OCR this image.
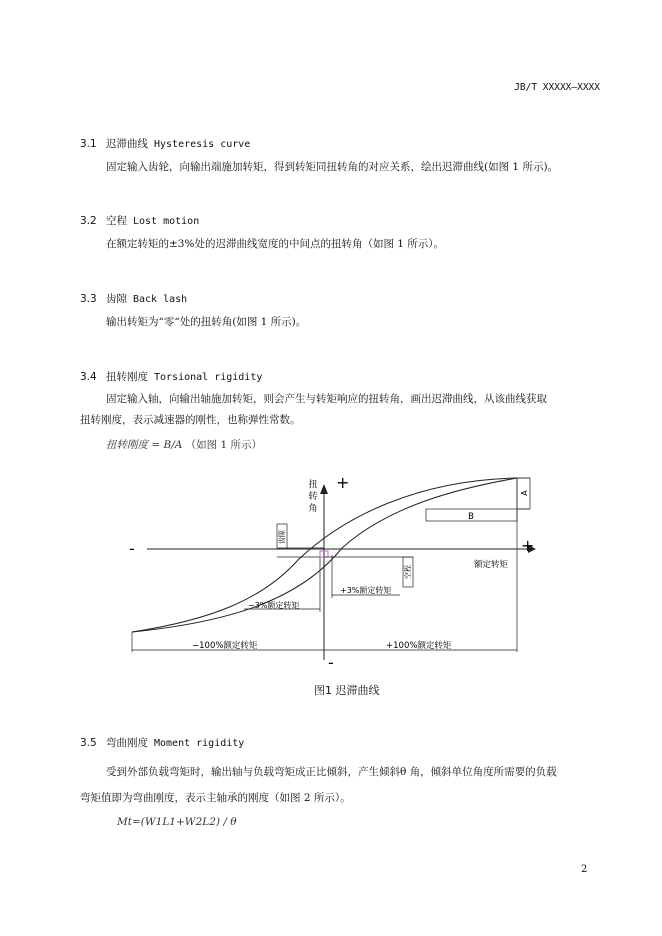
JB/T XXXXX—XXXX
3.1 迟滞曲线 Hysteresis curve
固定输入齿轮，向输出端施加转矩，得到转矩同扭转角的对应关系，绘出迟滞曲线(如图 1 所示)。
3.2 空程 Lost motion
在额定转矩的±3%处的迟滞曲线宽度的中间点的扭转角（如图 1 所示）。
3.3 齿隙 Back lash
输出转矩为“零“处的扭转角(如图 1 所示)。
3.4 扭转刚度 Torsional rigidity
固定输入轴，向输出轴施加转矩，则会产生与转矩响应的扭转角，画出迟滞曲线，从该曲线获取
扭转刚度，表示减速器的刚性，也称弹性常数。
扭转刚度 = B/A （如图 1 所示）
扭
转
角
+
+
-
-
额定转矩
A
B
齿隙
空程
+3%额定转矩
−3%额定转矩
−100%额定转矩	+100%额定转矩
图1 迟滞曲线
3.5 弯曲刚度 Moment rigidity
受到外部负载弯矩时，输出轴与负载弯矩成正比倾斜，产生倾斜θ 角，倾斜单位角度所需要的负载
弯矩值即为弯曲刚度，表示主轴承的刚度（如图 2 所示）。
Mt=(W1L1+W2L2) / θ
2
